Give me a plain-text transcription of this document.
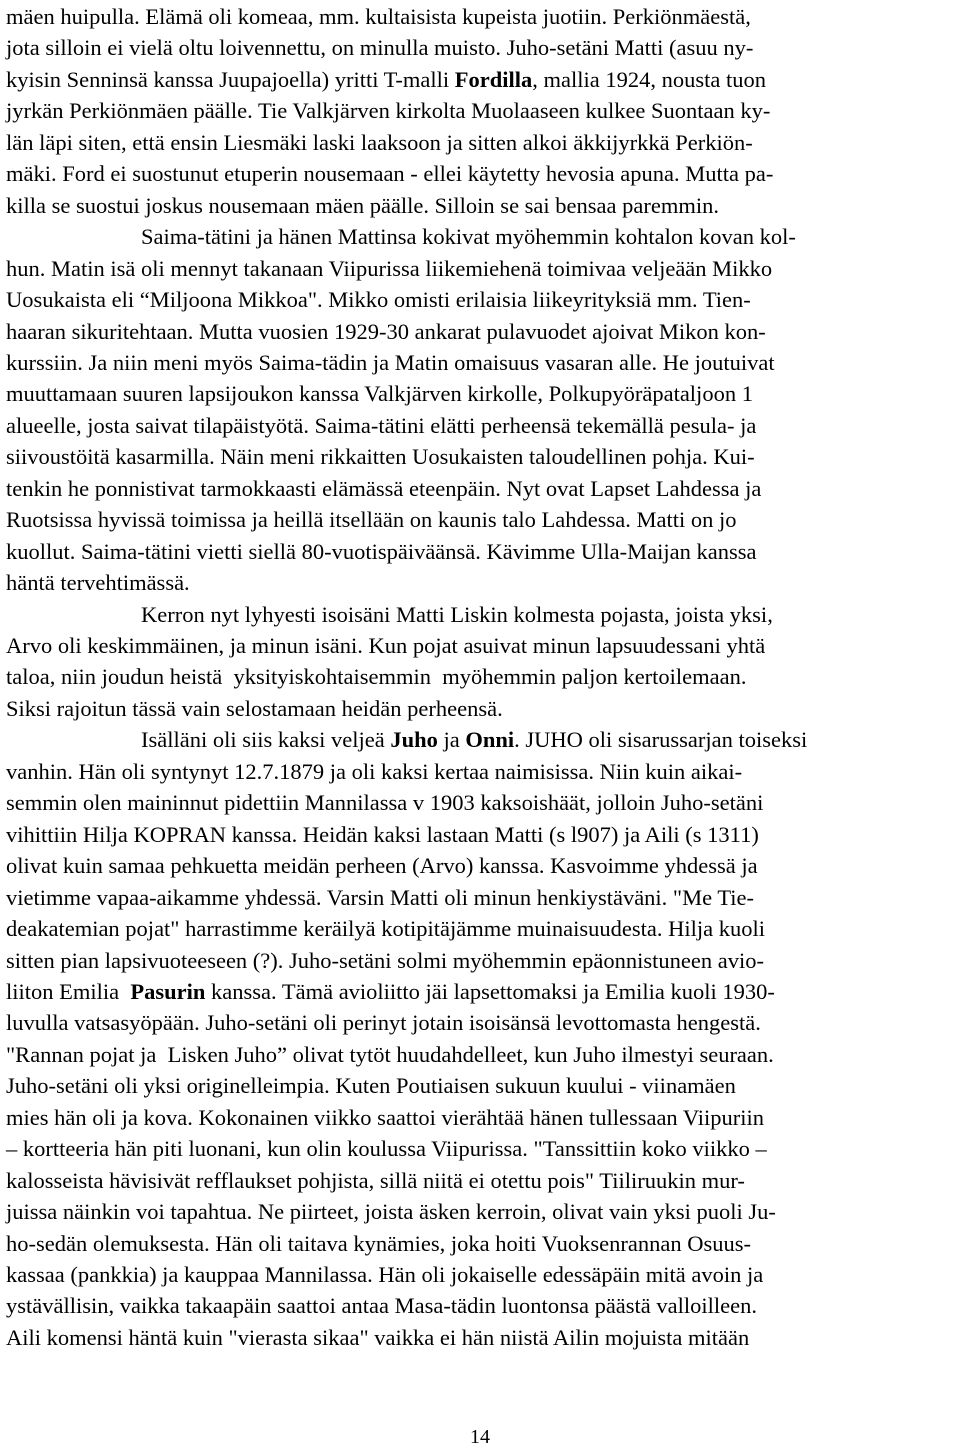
mäen huipulla. Elämä oli komeaa, mm. kultaisista kupeista juotiin. Perkiönmäestä,
jota silloin ei vielä oltu loivennettu, on minulla muisto. Juho-setäni Matti (asuu ny-
kyisin Senninsä kanssa Juupajoella) yritti T-malli Fordilla, mallia 1924, nousta tuon
jyrkän Perkiönmäen päälle. Tie Valkjärven kirkolta Muolaaseen kulkee Suontaan ky-
län läpi siten, että ensin Liesmäki laski laaksoon ja sitten alkoi äkkijyrkkä Perkiön-
mäki. Ford ei suostunut etuperin nousemaan - ellei käytetty hevosia apuna. Mutta pa-
killa se suostui joskus nousemaan mäen päälle. Silloin se sai bensaa paremmin.
Saima-tätini ja hänen Mattinsa kokivat myöhemmin kohtalon kovan kol-
hun. Matin isä oli mennyt takanaan Viipurissa liikemiehenä toimivaa veljeään Mikko
Uosukaista eli “Miljoona Mikkoa". Mikko omisti erilaisia liikeyrityksiä mm. Tien-
haaran sikuritehtaan. Mutta vuosien 1929-30 ankarat pulavuodet ajoivat Mikon kon-
kurssiin. Ja niin meni myös Saima-tädin ja Matin omaisuus vasaran alle. He joutuivat
muuttamaan suuren lapsijoukon kanssa Valkjärven kirkolle, Polkupyöräpataljoon 1
alueelle, josta saivat tilapäistyötä. Saima-tätini elätti perheensä tekemällä pesula- ja
siivoustöitä kasarmilla. Näin meni rikkaitten Uosukaisten taloudellinen pohja. Kui-
tenkin he ponnistivat tarmokkaasti elämässä eteenpäin. Nyt ovat Lapset Lahdessa ja
Ruotsissa hyvissä toimissa ja heillä itsellään on kaunis talo Lahdessa. Matti on jo
kuollut. Saima-tätini vietti siellä 80-vuotispäiväänsä. Kävimme Ulla-Maijan kanssa
häntä tervehtimässä.
Kerron nyt lyhyesti isoisäni Matti Liskin kolmesta pojasta, joista yksi,
Arvo oli keskimmäinen, ja minun isäni. Kun pojat asuivat minun lapsuudessani yhtä
taloa, niin joudun heistä  yksityiskohtaisemmin  myöhemmin paljon kertoilemaan.
Siksi rajoitun tässä vain selostamaan heidän perheensä.
Isälläni oli siis kaksi veljeä Juho ja Onni. JUHO oli sisarussarjan toiseksi
vanhin. Hän oli syntynyt 12.7.1879 ja oli kaksi kertaa naimisissa. Niin kuin aikai-
semmin olen maininnut pidettiin Mannilassa v 1903 kaksoishäät, jolloin Juho-setäni
vihittiin Hilja KOPRAN kanssa. Heidän kaksi lastaan Matti (s l907) ja Aili (s 1311)
olivat kuin samaa pehkuetta meidän perheen (Arvo) kanssa. Kasvoimme yhdessä ja
vietimme vapaa-aikamme yhdessä. Varsin Matti oli minun henkiystäväni. "Me Tie-
deakatemian pojat" harrastimme keräilyä kotipitäjämme muinaisuudesta. Hilja kuoli
sitten pian lapsivuoteeseen (?). Juho-setäni solmi myöhemmin epäonnistuneen avio-
liiton Emilia  Pasurin kanssa. Tämä avioliitto jäi lapsettomaksi ja Emilia kuoli 1930-
luvulla vatsasyöpään. Juho-setäni oli perinyt jotain isoisänsä levottomasta hengestä.
"Rannan pojat ja  Lisken Juho” olivat tytöt huudahdelleet, kun Juho ilmestyi seuraan.
Juho-setäni oli yksi originelleimpia. Kuten Poutiaisen sukuun kuului - viinamäen
mies hän oli ja kova. Kokonainen viikko saattoi vierähtää hänen tullessaan Viipuriin
– kortteeria hän piti luonani, kun olin koulussa Viipurissa. "Tanssittiin koko viikko –
kalosseista hävisivät refflaukset pohjista, sillä niitä ei otettu pois" Tiiliruukin mur-
juissa näinkin voi tapahtua. Ne piirteet, joista äsken kerroin, olivat vain yksi puoli Ju-
ho-sedän olemuksesta. Hän oli taitava kynämies, joka hoiti Vuoksenrannan Osuus-
kassaa (pankkia) ja kauppaa Mannilassa. Hän oli jokaiselle edessäpäin mitä avoin ja
ystävällisin, vaikka takaapäin saattoi antaa Masa-tädin luontonsa päästä valloilleen.
Aili komensi häntä kuin "vierasta sikaa" vaikka ei hän niistä Ailin mojuista mitään
14
